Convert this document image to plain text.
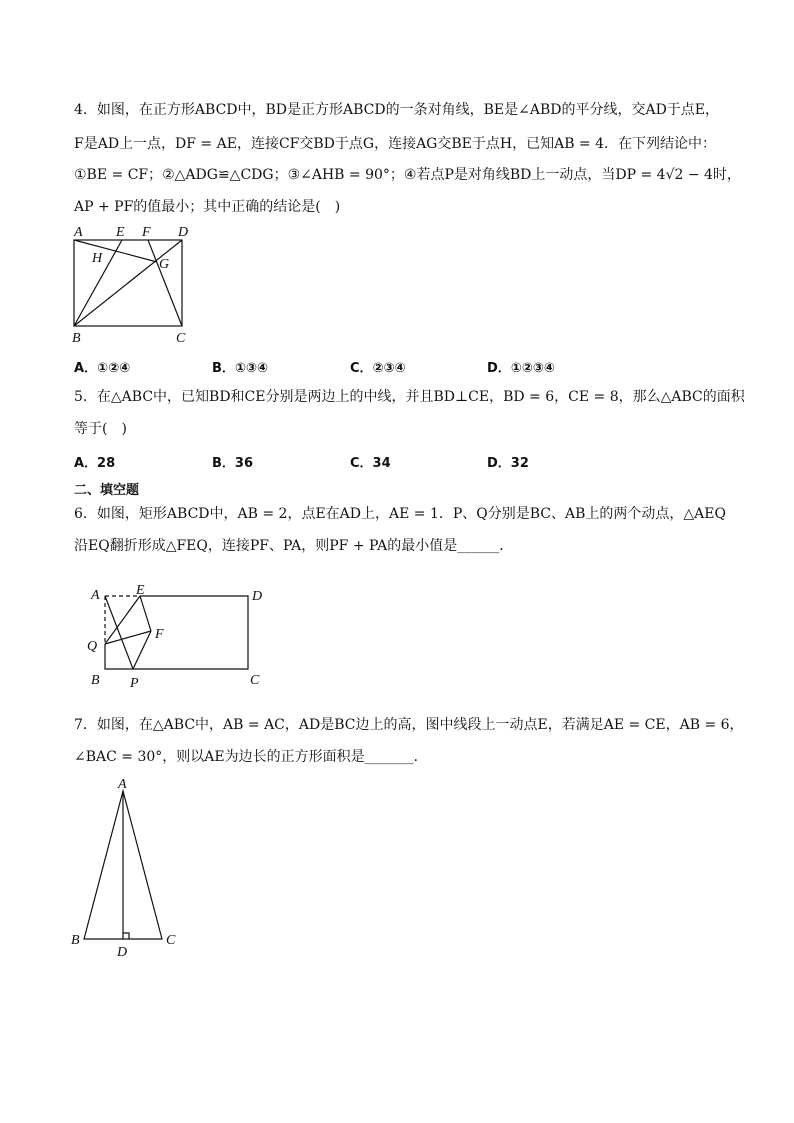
4．如图，在正方形ABCD中，BD是正方形ABCD的一条对角线，BE是∠ABD的平分线，交AD于点E，
F是AD上一点，DF = AE，连接CF交BD于点G，连接AG交BE于点H，已知AB = 4．在下列结论中：
①BE = CF；②△ADG≌△CDG；③∠AHB = 90°；④若点P是对角线BD上一动点，当DP = 4√2 − 4时，
AP + PF的值最小；其中正确的结论是(　)
A E F D
H	G
B	C
A．①②④	B．①③④	C．②③④	D．①②③④
5．在△ABC中，已知BD和CE分别是两边上的中线，并且BD⊥CE，BD = 6，CE = 8，那么△ABC的面积
等于(　)
A．28	B．36	C．34	D．32
二、填空题
6．如图，矩形ABCD中，AB = 2，点E在AD上，AE = 1．P、Q分别是BC、AB上的两个动点，△AEQ
沿EQ翻折形成△FEQ，连接PF、PA，则PF + PA的最小值是______．
A	E	D
F
Q
B P	C
7．如图，在△ABC中，AB = AC，AD是BC边上的高，图中线段上一动点E，若满足AE = CE，AB = 6，
∠BAC = 30°，则以AE为边长的正方形面积是_______．
A
B
D
C
